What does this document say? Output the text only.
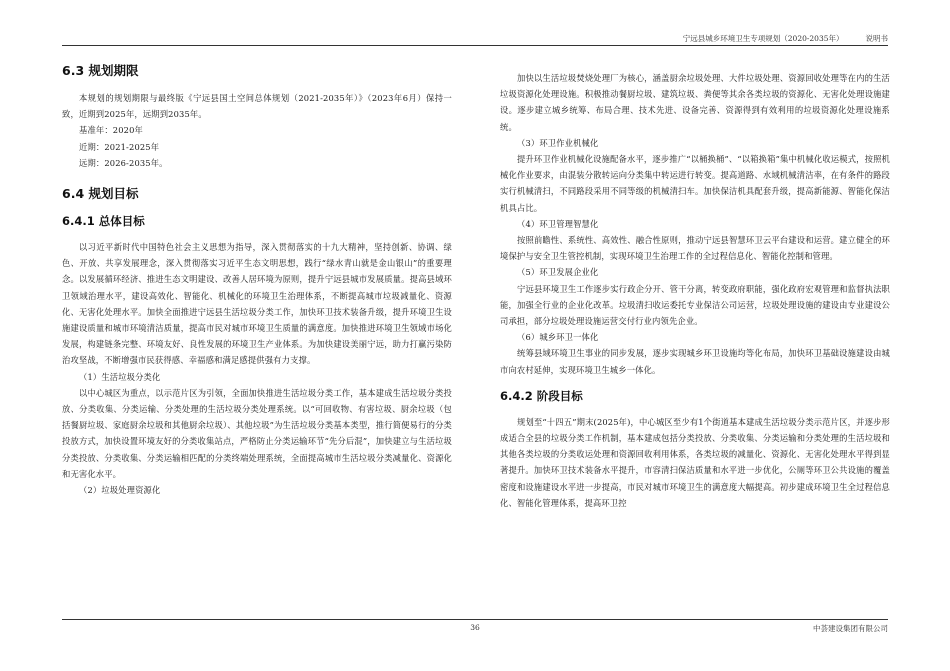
宁远县城乡环境卫生专项规划（2020-2035年）	说明书
6.3 规划期限

本规划的规划期限与最终版《宁远县国土空间总体规划（2021-2035年）》（2023年6月）保持一致，近期到2025年，远期到2035年。

基准年：2020年

近期：2021-2025年

远期：2026-2035年。

6.4 规划目标
6.4.1 总体目标

以习近平新时代中国特色社会主义思想为指导，深入贯彻落实的十九大精神，坚持创新、协调、绿色、开放、共享发展理念，深入贯彻落实习近平生态文明思想，践行“绿水青山就是金山银山”的重要理念。以发展循环经济、推进生态文明建设、改善人居环境为原则，提升宁远县城市发展质量。提高县域环卫领域治理水平，建设高效化、智能化、机械化的环境卫生治理体系，不断提高城市垃圾减量化、资源化、无害化处理水平。加快全面推进宁远县生活垃圾分类工作，加快环卫技术装备升级，提升环境卫生设施建设质量和城市环境清洁质量，提高市民对城市环境卫生质量的满意度。加快推进环境卫生领域市场化发展，构建链条完整、环境友好、良性发展的环境卫生产业体系。为加快建设美丽宁远，助力打赢污染防治攻坚战，不断增强市民获得感、幸福感和满足感提供强有力支撑。

（1）生活垃圾分类化

以中心城区为重点，以示范片区为引领，全面加快推进生活垃圾分类工作，基本建成生活垃圾分类投放、分类收集、分类运输、分类处理的生活垃圾分类处理系统。以“可回收物、有害垃圾、厨余垃圾（包括餐厨垃圾、家庭厨余垃圾和其他厨余垃圾）、其他垃圾”为生活垃圾分类基本类型，推行简便易行的分类投放方式，加快设置环境友好的分类收集站点，严格防止分类运输环节“先分后混”，加快建立与生活垃圾分类投放、分类收集、分类运输相匹配的分类终端处理系统，全面提高城市生活垃圾分类减量化、资源化和无害化水平。

（2）垃圾处理资源化

加快以生活垃圾焚烧处理厂为核心，涵盖厨余垃圾处理、大件垃圾处理、资源回收处理等在内的生活垃圾资源化处理设施。积极推动餐厨垃圾、建筑垃圾、粪便等其余各类垃圾的资源化、无害化处理设施建设。逐步建立城乡统筹、布局合理、技术先进、设备完善、资源得到有效利用的垃圾资源化处理设施系统。

（3）环卫作业机械化

提升环卫作业机械化设施配备水平，逐步推广“以桶换桶”、“以箱换箱”集中机械化收运模式，按照机械化作业要求，由混装分散转运向分类集中转运进行转变。提高道路、水域机械清洁率，在有条件的路段实行机械清扫，不同路段采用不同等级的机械清扫车。加快保洁机具配套升级，提高新能源、智能化保洁机具占比。

（4）环卫管理智慧化

按照前瞻性、系统性、高效性、融合性原则，推动宁远县智慧环卫云平台建设和运营。建立健全的环境保护与安全卫生管控机制，实现环境卫生治理工作的全过程信息化、智能化控制和管理。

（5）环卫发展企业化

宁远县环境卫生工作逐步实行政企分开、管干分离，转变政府职能，强化政府宏观管理和监督执法职能，加强全行业的企业化改革。垃圾清扫收运委托专业保洁公司运营，垃圾处理设施的建设由专业建设公司承担，部分垃圾处理设施运营交付行业内领先企业。

（6）城乡环卫一体化

统筹县域环境卫生事业的同步发展，逐步实现城乡环卫设施均等化布局，加快环卫基础设施建设由城市向农村延伸，实现环境卫生城乡一体化。

6.4.2 阶段目标

规划至“十四五”期末(2025年)，中心城区至少有1个街道基本建成生活垃圾分类示范片区，并逐步形成适合全县的垃圾分类工作机制，基本建成包括分类投放、分类收集、分类运输和分类处理的生活垃圾和其他各类垃圾的分类收运处理和资源回收利用体系，各类垃圾的减量化、资源化、无害化处理水平得到显著提升。加快环卫技术装备水平提升，市容清扫保洁质量和水平进一步优化，公厕等环卫公共设施的覆盖密度和设施建设水平进一步提高，市民对城市环境卫生的满意度大幅提高。初步建成环境卫生全过程信息化、智能化管理体系，提高环卫控

36	中荟建设集团有限公司
